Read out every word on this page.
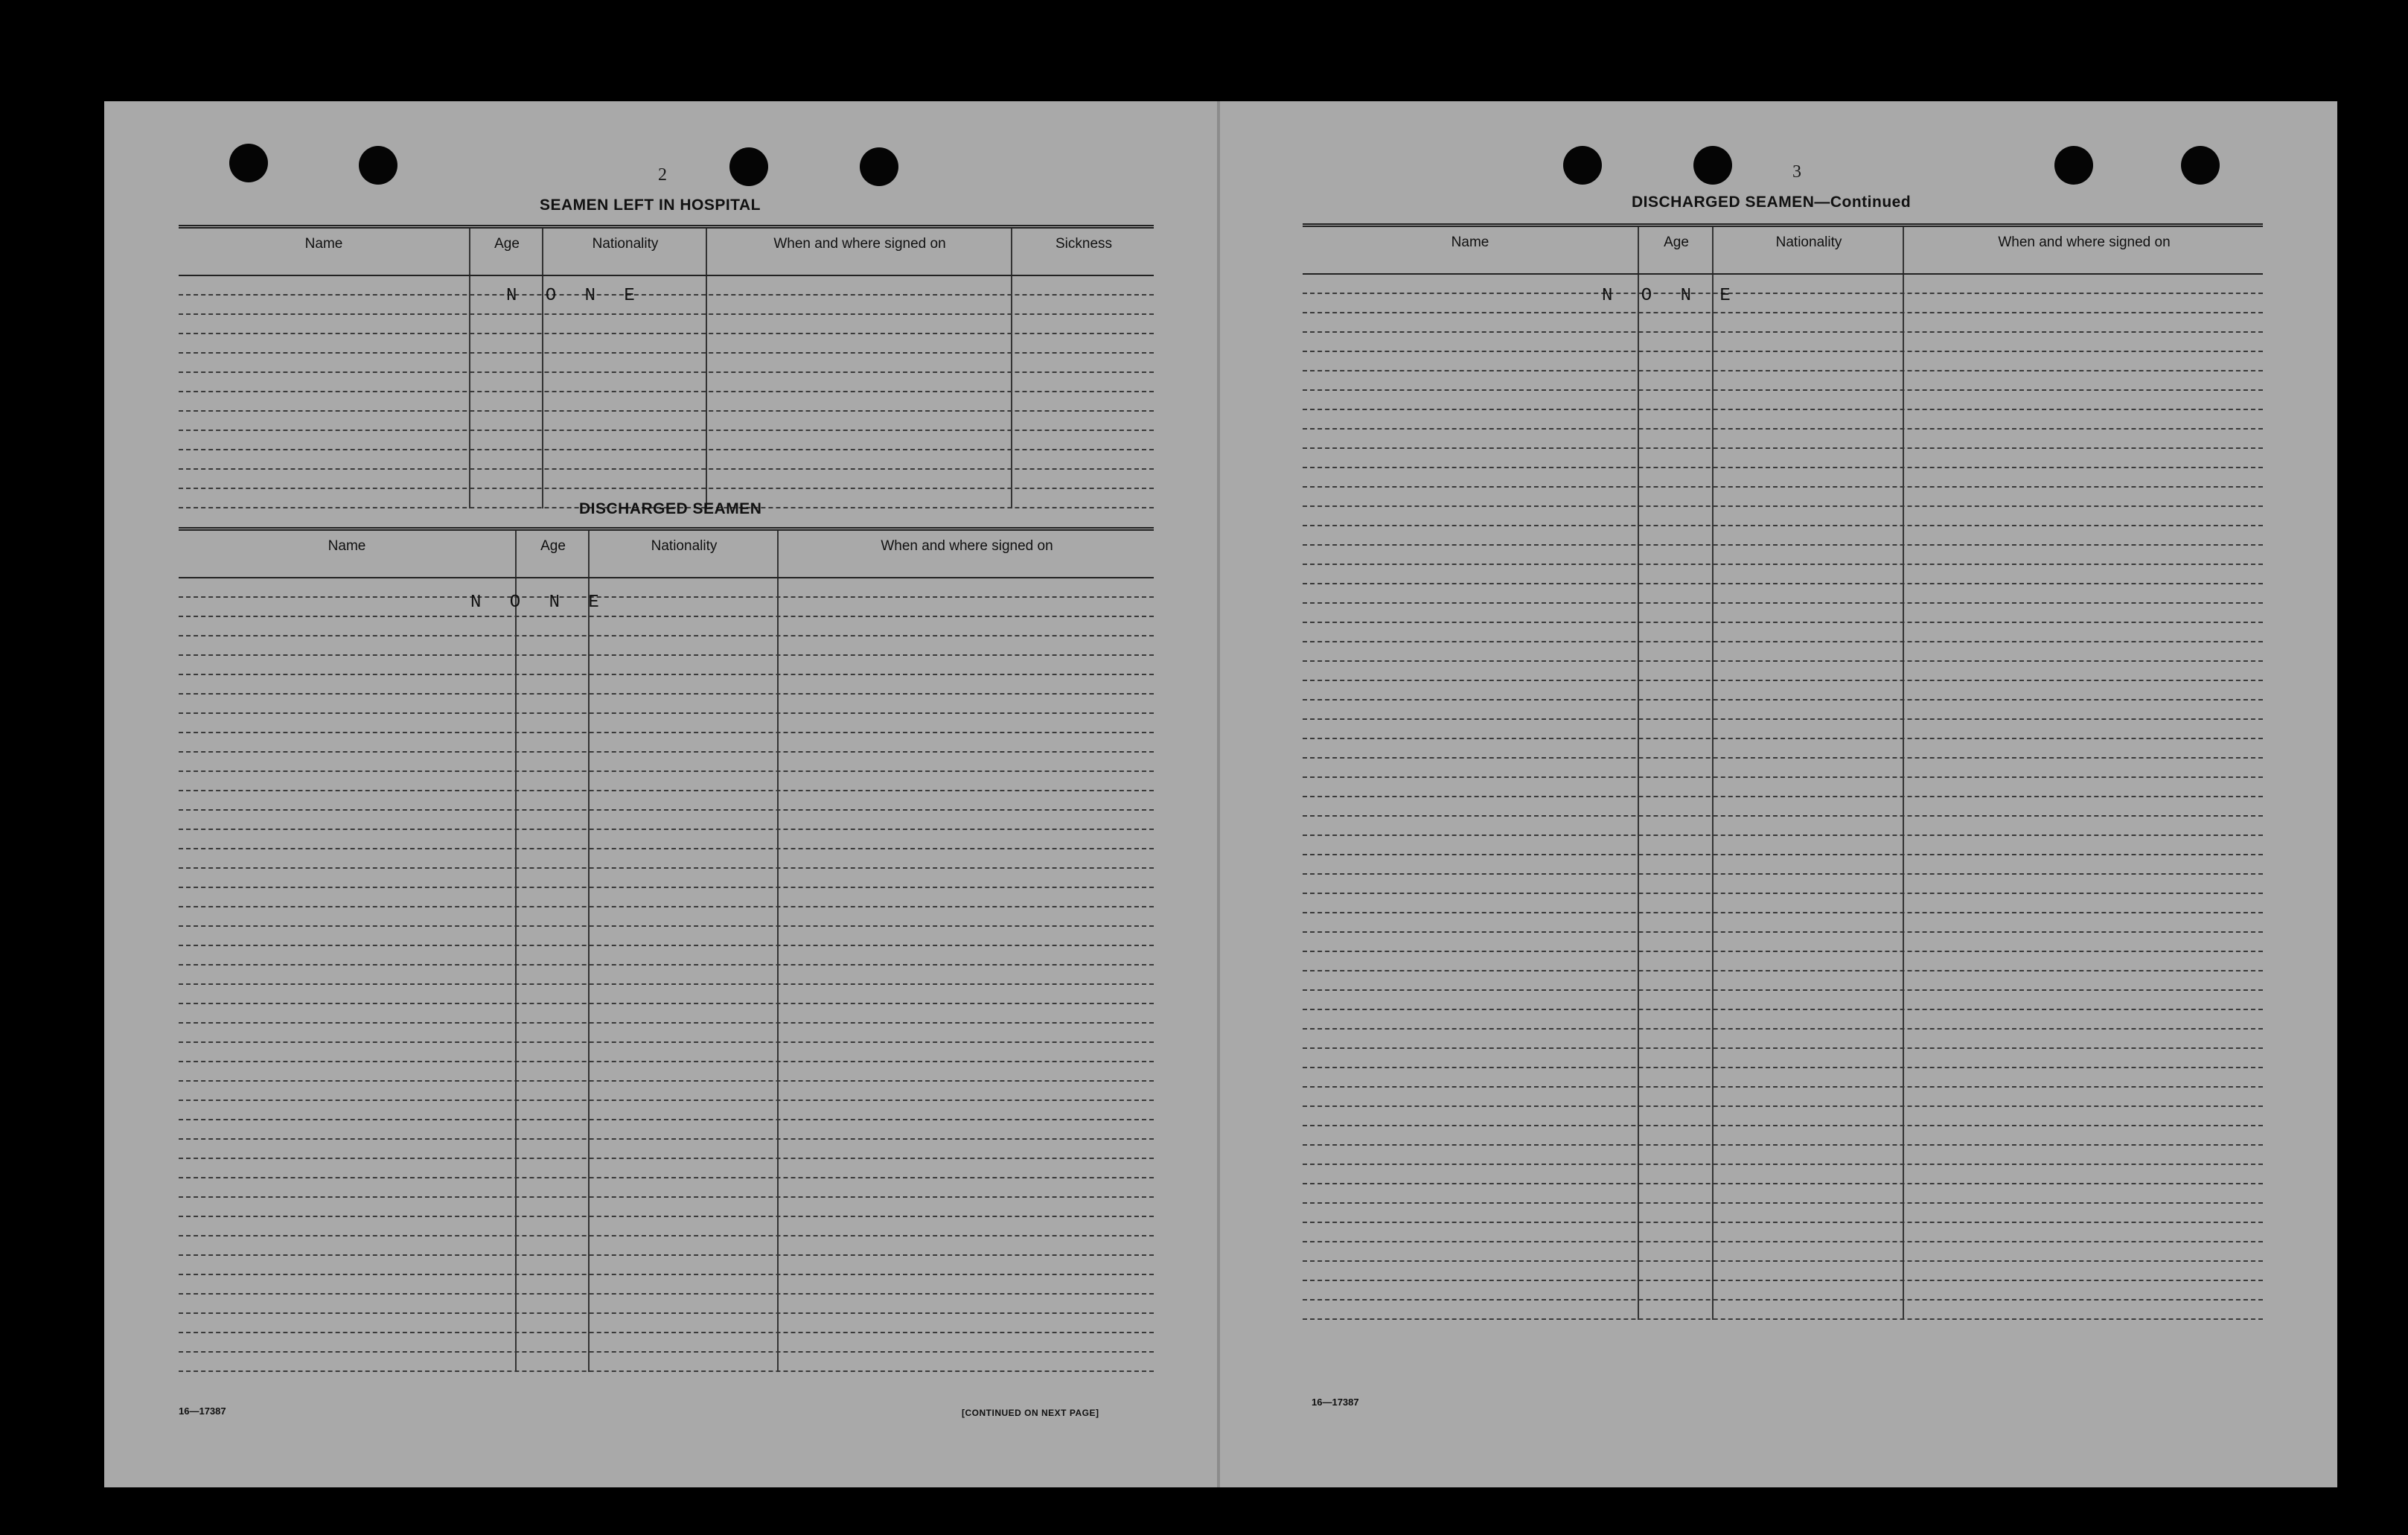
2
SEAMEN LEFT IN HOSPITAL
Name	Age	Nationality	When and where signed on	Sickness
N O N E
DISCHARGED SEAMEN
Name	Age	Nationality	When and where signed on
N O N E
16—17387	[CONTINUED ON NEXT PAGE]
3
DISCHARGED SEAMEN—Continued
Name	Age	Nationality	When and where signed on
N O N E
16—17387
